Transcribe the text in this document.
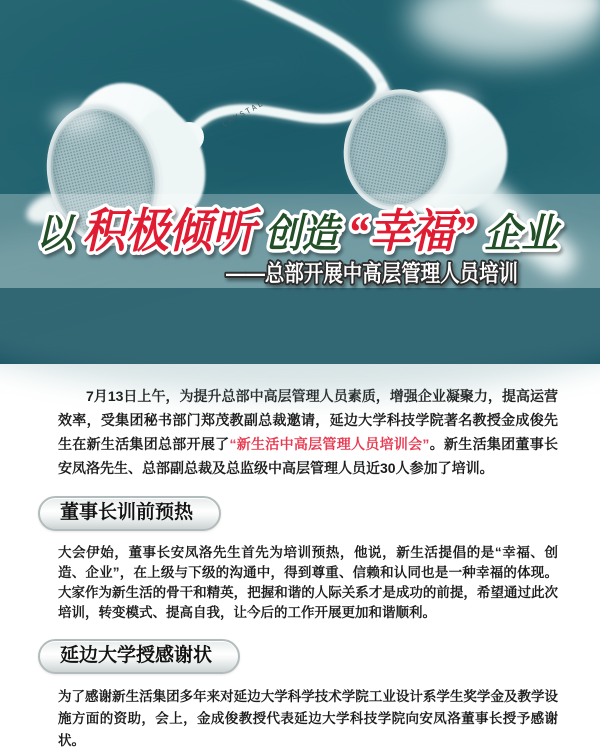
CRYSTAL
以 积极倾听 创造 “幸福” 企业
——总部开展中高层管理人员培训

7月13日上午，为提升总部中高层管理人员素质，增强企业凝聚力，提高运营效率，受集团秘书部门郑茂教副总裁邀请，延边大学科技学院著名教授金成俊先生在新生活集团总部开展了“新生活中高层管理人员培训会”。新生活集团董事长安凤洛先生、总部副总裁及总监级中高层管理人员近30人参加了培训。

董事长训前预热

大会伊始，董事长安凤洛先生首先为培训预热，他说，新生活提倡的是“幸福、创造、企业”，在上级与下级的沟通中，得到尊重、信赖和认同也是一种幸福的体现。大家作为新生活的骨干和精英，把握和谐的人际关系才是成功的前提，希望通过此次培训，转变模式、提高自我，让今后的工作开展更加和谐顺利。

延边大学授感谢状

为了感谢新生活集团多年来对延边大学科学技术学院工业设计系学生奖学金及教学设施方面的资助，会上，金成俊教授代表延边大学科技学院向安凤洛董事长授予感谢状。
